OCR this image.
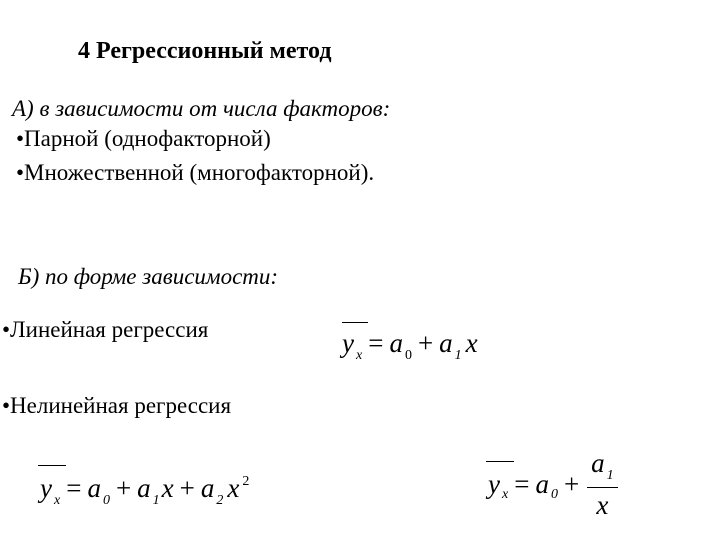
4 Регрессионный метод
А) в зависимости от числа факторов:
•Парной (однофакторной)
•Множественной (многофакторной).
Б) по форме зависимости:
•Линейная регрессия
•Нелинейная регрессия
y $_x$ = a $_0$ + a $_1$ x
y $_x$ = a $_0$ + a $_1$x + a $_2$ x $^2$	y $_x$ = a $_0 + \frac{a _1}{x}$
